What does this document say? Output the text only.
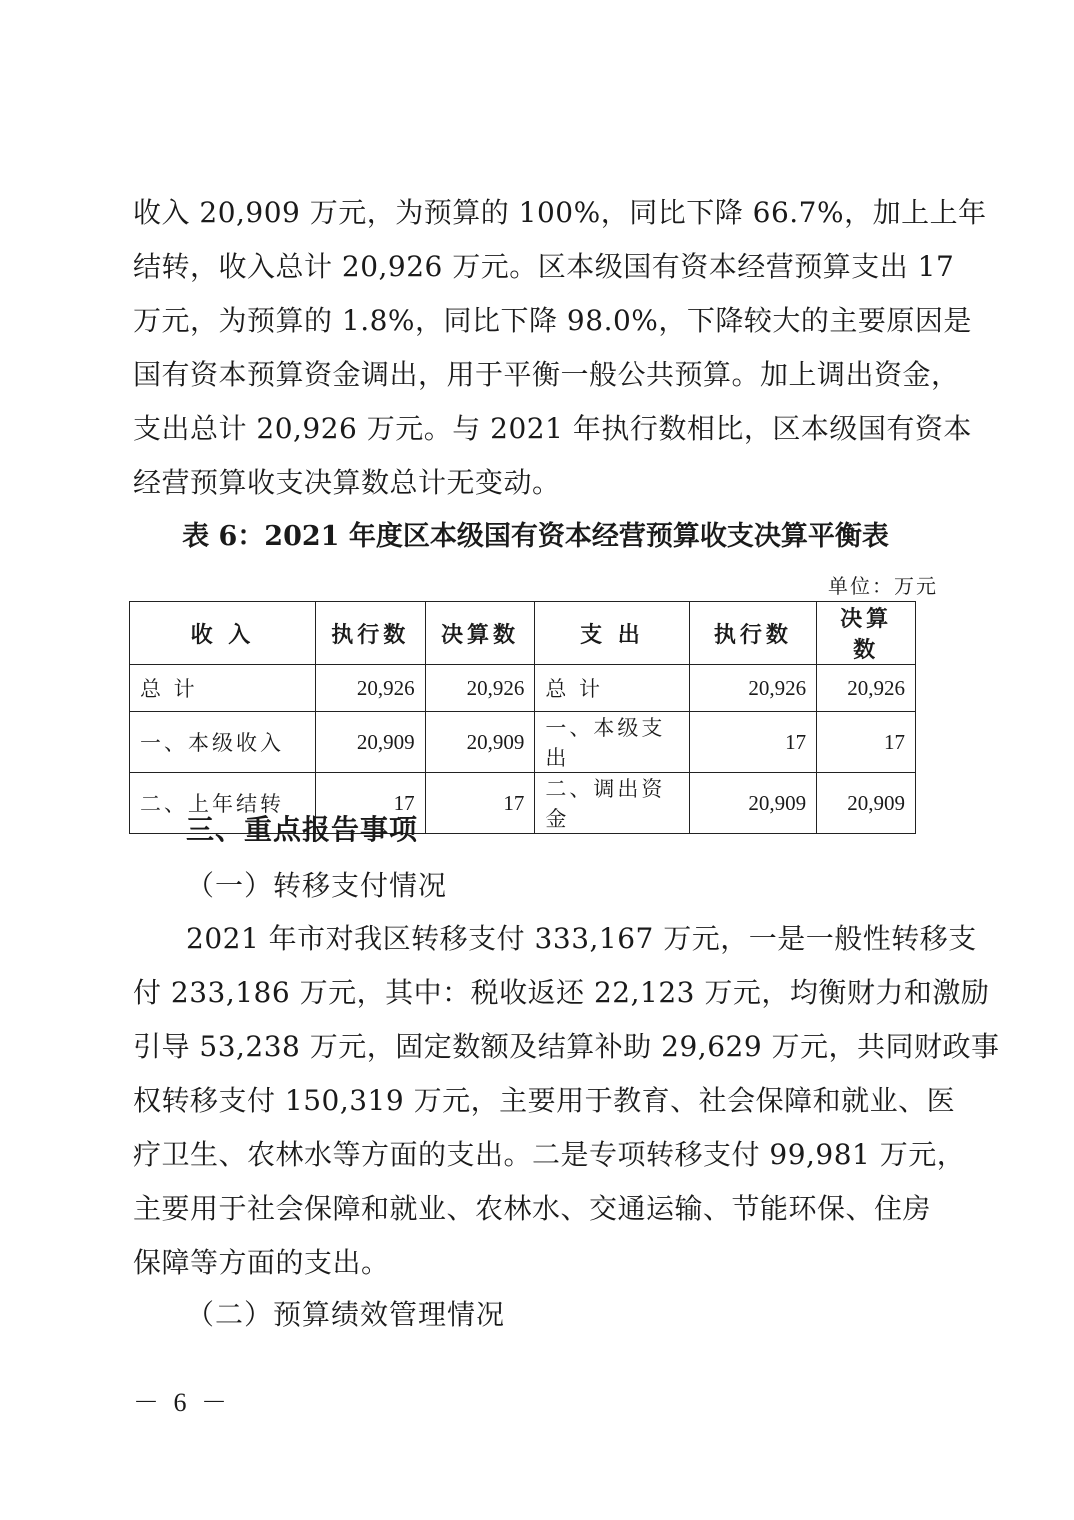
收入 20,909 万元，为预算的 100%，同比下降 66.7%，加上上年
结转，收入总计 20,926 万元。区本级国有资本经营预算支出 17
万元，为预算的 1.8%，同比下降 98.0%，下降较大的主要原因是
国有资本预算资金调出，用于平衡一般公共预算。加上调出资金，
支出总计 20,926 万元。与 2021 年执行数相比，区本级国有资本
经营预算收支决算数总计无变动。

表 6：2021 年度区本级国有资本经营预算收支决算平衡表

单位：万元

收 入	执行数	决算数	支 出	执行数	决算数
总 计	20,926	20,926	总 计	20,926	20,926
一、本级收入	20,909	20,909	一、本级支出	17	17
二、上年结转	17	17	二、调出资金	20,909	20,909

三、重点报告事项

（一）转移支付情况

2021 年市对我区转移支付 333,167 万元，一是一般性转移支
付 233,186 万元，其中：税收返还 22,123 万元，均衡财力和激励
引导 53,238 万元，固定数额及结算补助 29,629 万元，共同财政事
权转移支付 150,319 万元，主要用于教育、社会保障和就业、医
疗卫生、农林水等方面的支出。二是专项转移支付 99,981 万元，
主要用于社会保障和就业、农林水、交通运输、节能环保、住房
保障等方面的支出。

（二）预算绩效管理情况

－ 6 －
